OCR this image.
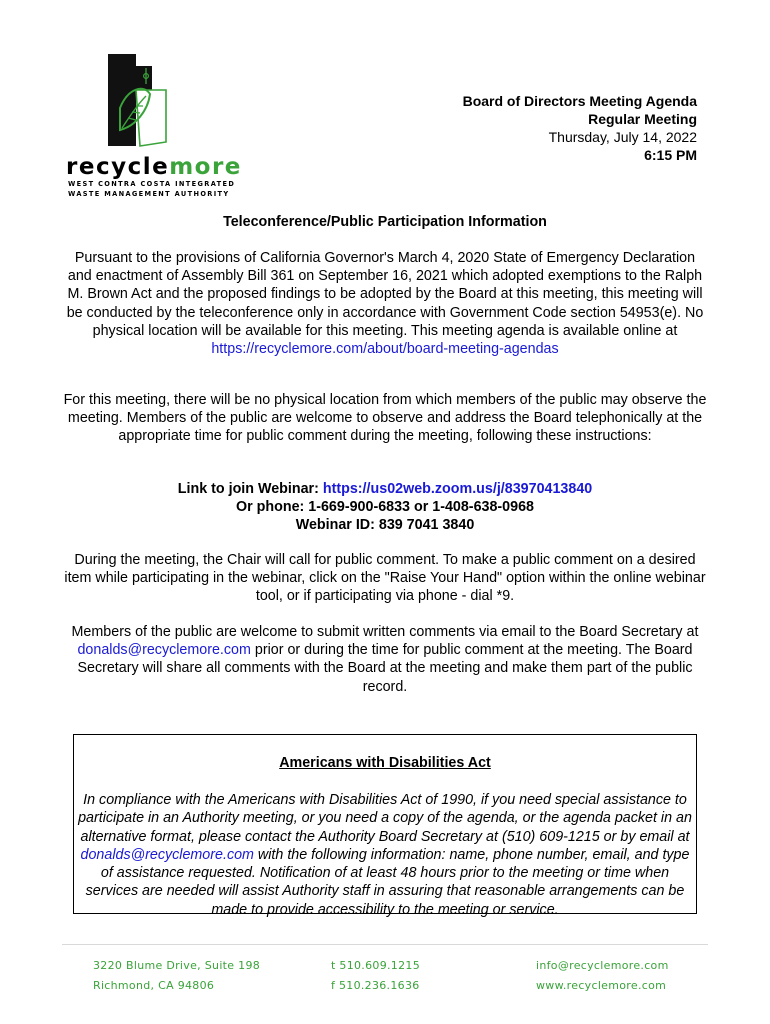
recyclemore
WEST CONTRA COSTA INTEGRATED
WASTE MANAGEMENT AUTHORITY
Board of Directors Meeting Agenda
Regular Meeting
Thursday, July 14, 2022
6:15 PM
Teleconference/Public Participation Information
Pursuant to the provisions of California Governor's March 4, 2020 State of Emergency Declaration and enactment of Assembly Bill 361 on September 16, 2021 which adopted exemptions to the Ralph M. Brown Act and the proposed findings to be adopted by the Board at this meeting, this meeting will be conducted by the teleconference only in accordance with Government Code section 54953(e). No physical location will be available for this meeting. This meeting agenda is available online at https://recyclemore.com/about/board-meeting-agendas
For this meeting, there will be no physical location from which members of the public may observe the meeting. Members of the public are welcome to observe and address the Board telephonically at the appropriate time for public comment during the meeting, following these instructions:
Link to join Webinar: https://us02web.zoom.us/j/83970413840
Or phone: 1-669-900-6833 or 1-408-638-0968
Webinar ID: 839 7041 3840
During the meeting, the Chair will call for public comment. To make a public comment on a desired item while participating in the webinar, click on the "Raise Your Hand" option within the online webinar tool, or if participating via phone - dial *9.
Members of the public are welcome to submit written comments via email to the Board Secretary at donalds@recyclemore.com prior or during the time for public comment at the meeting. The Board Secretary will share all comments with the Board at the meeting and make them part of the public record.
Americans with Disabilities Act
In compliance with the Americans with Disabilities Act of 1990, if you need special assistance to participate in an Authority meeting, or you need a copy of the agenda, or the agenda packet in an alternative format, please contact the Authority Board Secretary at (510) 609-1215 or by email at donalds@recyclemore.com with the following information: name, phone number, email, and type of assistance requested. Notification of at least 48 hours prior to the meeting or time when services are needed will assist Authority staff in assuring that reasonable arrangements can be made to provide accessibility to the meeting or service.
3220 Blume Drive, Suite 198
Richmond, CA 94806
t 510.609.1215
f 510.236.1636
info@recyclemore.com
www.recyclemore.com
